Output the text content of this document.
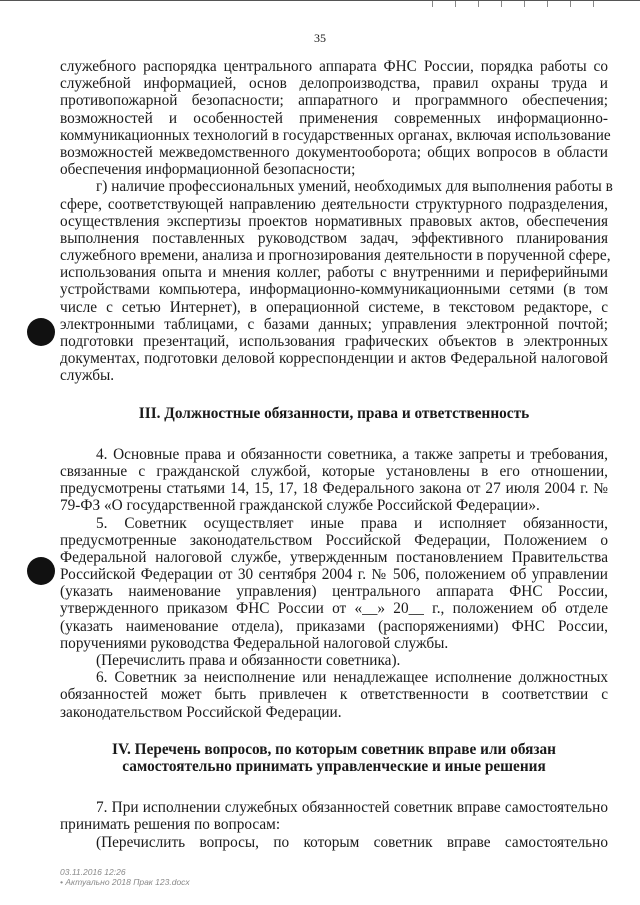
35
служебного распорядка центрального аппарата ФНС России, порядка работы со
служебной информацией, основ делопроизводства, правил охраны труда и
противопожарной безопасности; аппаратного и программного обеспечения;
возможностей и особенностей применения современных информационно-
коммуникационных технологий в государственных органах, включая использование
возможностей межведомственного документооборота; общих вопросов в области
обеспечения информационной безопасности;
г) наличие профессиональных умений, необходимых для выполнения работы в
сфере, соответствующей направлению деятельности структурного подразделения,
осуществления экспертизы проектов нормативных правовых актов, обеспечения
выполнения поставленных руководством задач, эффективного планирования
служебного времени, анализа и прогнозирования деятельности в порученной сфере,
использования опыта и мнения коллег, работы с внутренними и периферийными
устройствами компьютера, информационно-коммуникационными сетями (в том
числе с сетью Интернет), в операционной системе, в текстовом редакторе, с
электронными таблицами, с базами данных; управления электронной почтой;
подготовки презентаций, использования графических объектов в электронных
документах, подготовки деловой корреспонденции и актов Федеральной налоговой
службы.
III. Должностные обязанности, права и ответственность
4. Основные права и обязанности советника, а также запреты и требования,
связанные с гражданской службой, которые установлены в его отношении,
предусмотрены статьями 14, 15, 17, 18 Федерального закона от 27 июля 2004 г. №
79-ФЗ «О государственной гражданской службе Российской Федерации».
5. Советник осуществляет иные права и исполняет обязанности,
предусмотренные законодательством Российской Федерации, Положением о
Федеральной налоговой службе, утвержденным постановлением Правительства
Российской Федерации от 30 сентября 2004 г. № 506, положением об управлении
(указать наименование управления) центрального аппарата ФНС России,
утвержденного приказом ФНС России от «__» 20__ г., положением об отделе
(указать наименование отдела), приказами (распоряжениями) ФНС России,
поручениями руководства Федеральной налоговой службы.
(Перечислить права и обязанности советника).
6. Советник за неисполнение или ненадлежащее исполнение должностных
обязанностей может быть привлечен к ответственности в соответствии с
законодательством Российской Федерации.
IV. Перечень вопросов, по которым советник вправе или обязан
самостоятельно принимать управленческие и иные решения
7. При исполнении служебных обязанностей советник вправе самостоятельно
принимать решения по вопросам:
(Перечислить вопросы, по которым советник вправе самостоятельно
03.11.2016 12:26
• Актуально 2018 Прак 123.docx
